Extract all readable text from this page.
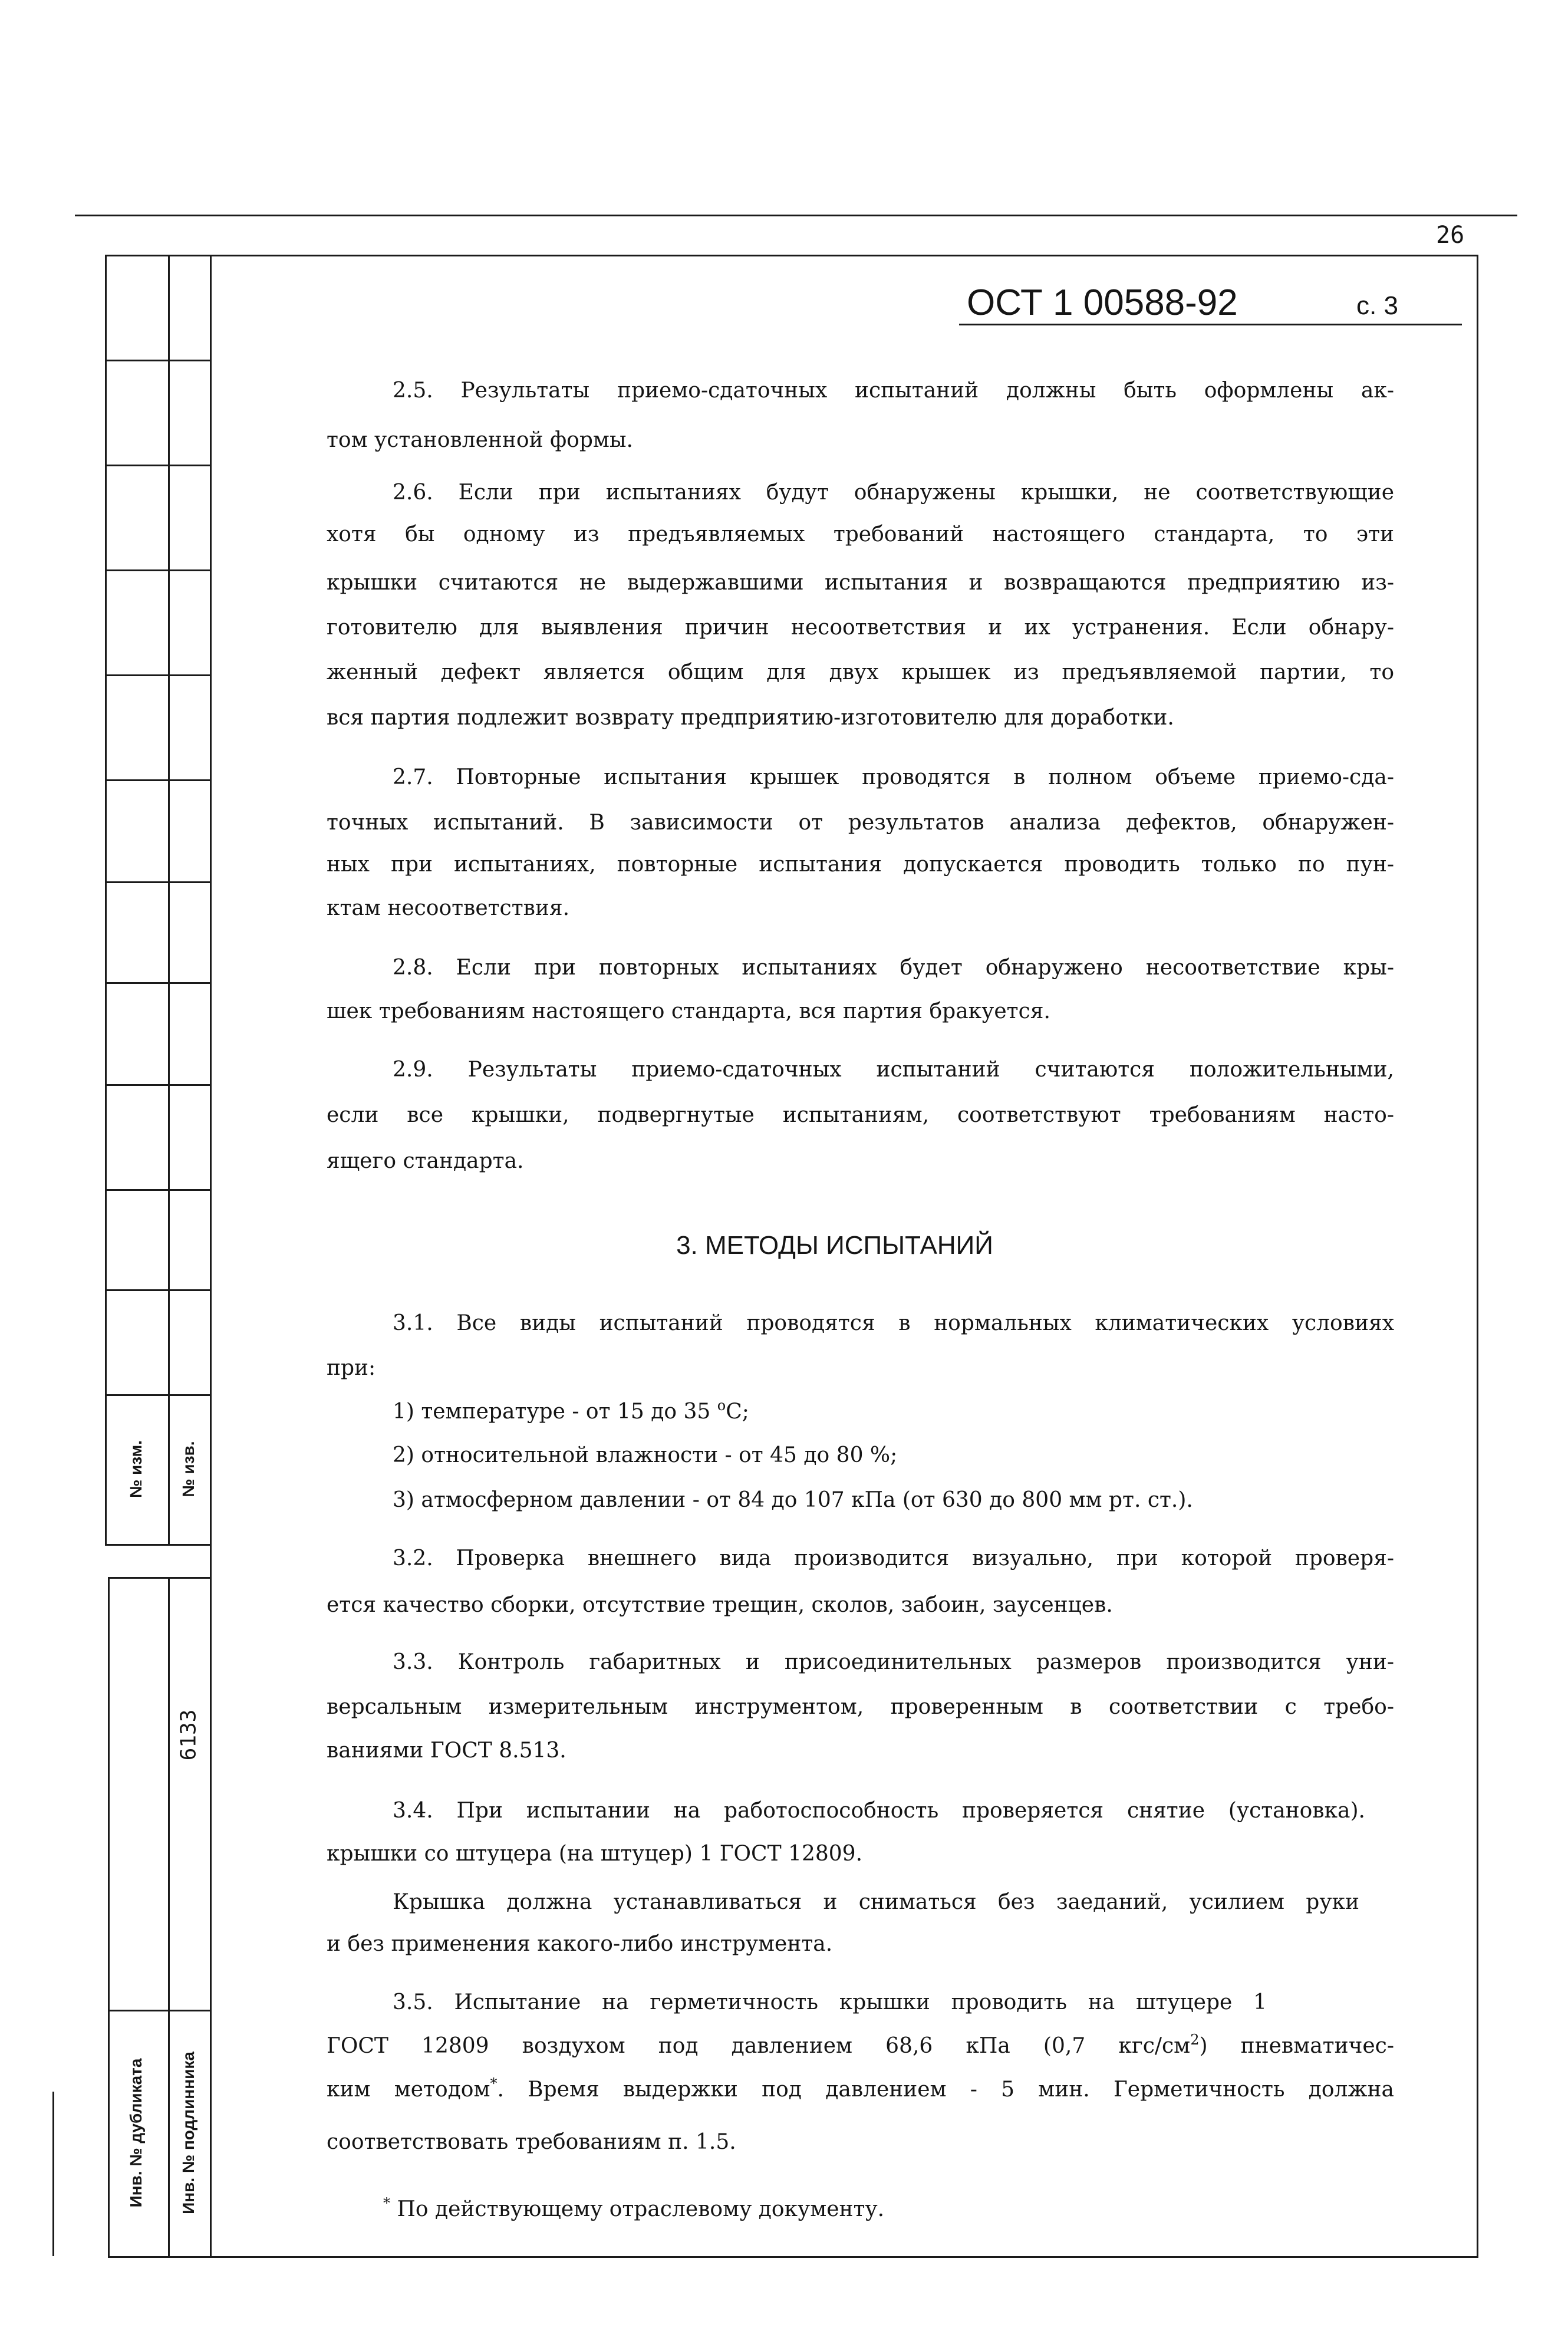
26
№ изм. № изв.
6133
Инв. № дубликата Инв. № подлинника
ОСТ 1 00588-92	с. 3
2.5. Результаты приемо-сдаточных испытаний должны быть оформлены ак-
том установленной формы.
2.6. Если при испытаниях будут обнаружены крышки, не соответствующие
хотя бы одному из предъявляемых требований настоящего стандарта, то эти
крышки считаются не выдержавшими испытания и возвращаются предприятию из-
готовителю для выявления причин несоответствия и их устранения. Если обнару-
женный дефект является общим для двух крышек из предъявляемой партии, то
вся партия подлежит возврату предприятию-изготовителю для доработки.
2.7. Повторные испытания крышек проводятся в полном объеме приемо-сда-
точных испытаний. В зависимости от результатов анализа дефектов, обнаружен-
ных при испытаниях, повторные испытания допускается проводить только по пун-
ктам несоответствия.
2.8. Если при повторных испытаниях будет обнаружено несоответствие кры-
шек требованиям настоящего стандарта, вся партия бракуется.
2.9. Результаты приемо-сдаточных испытаний считаются положительными,
если все крышки, подвергнутые испытаниям, соответствуют требованиям насто-
ящего стандарта.
3. МЕТОДЫ ИСПЫТАНИЙ
3.1. Все виды испытаний проводятся в нормальных климатических условиях
при:
1) температуре - от 15 до 35 $^о$С;
2) относительной влажности - от 45 до 80 %;
3) атмосферном давлении - от 84 до 107 кПа (от 630 до 800 мм рт. ст.).
3.2. Проверка внешнего вида производится визуально, при которой проверя-
ется качество сборки, отсутствие трещин, сколов, забоин, заусенцев.
3.3. Контроль габаритных и присоединительных размеров производится уни-
версальным измерительным инструментом, проверенным в соответствии с требо-
ваниями ГОСТ 8.513.
3.4. При испытании на работоспособность проверяется снятие (установка).
крышки со штуцера (на штуцер) 1 ГОСТ 12809.
Крышка должна устанавливаться и сниматься без заеданий, усилием руки
и без применения какого-либо инструмента.
3.5. Испытание на герметичность крышки проводить на штуцере 1
ГОСТ 12809 воздухом под давлением 68,6 кПа (0,7 кгс/$см^2$) пневматичес-
ким методом*. Время выдержки под давлением - 5 мин. Герметичность должна
соответствовать требованиям п. 1.5.
* По действующему отраслевому документу.
